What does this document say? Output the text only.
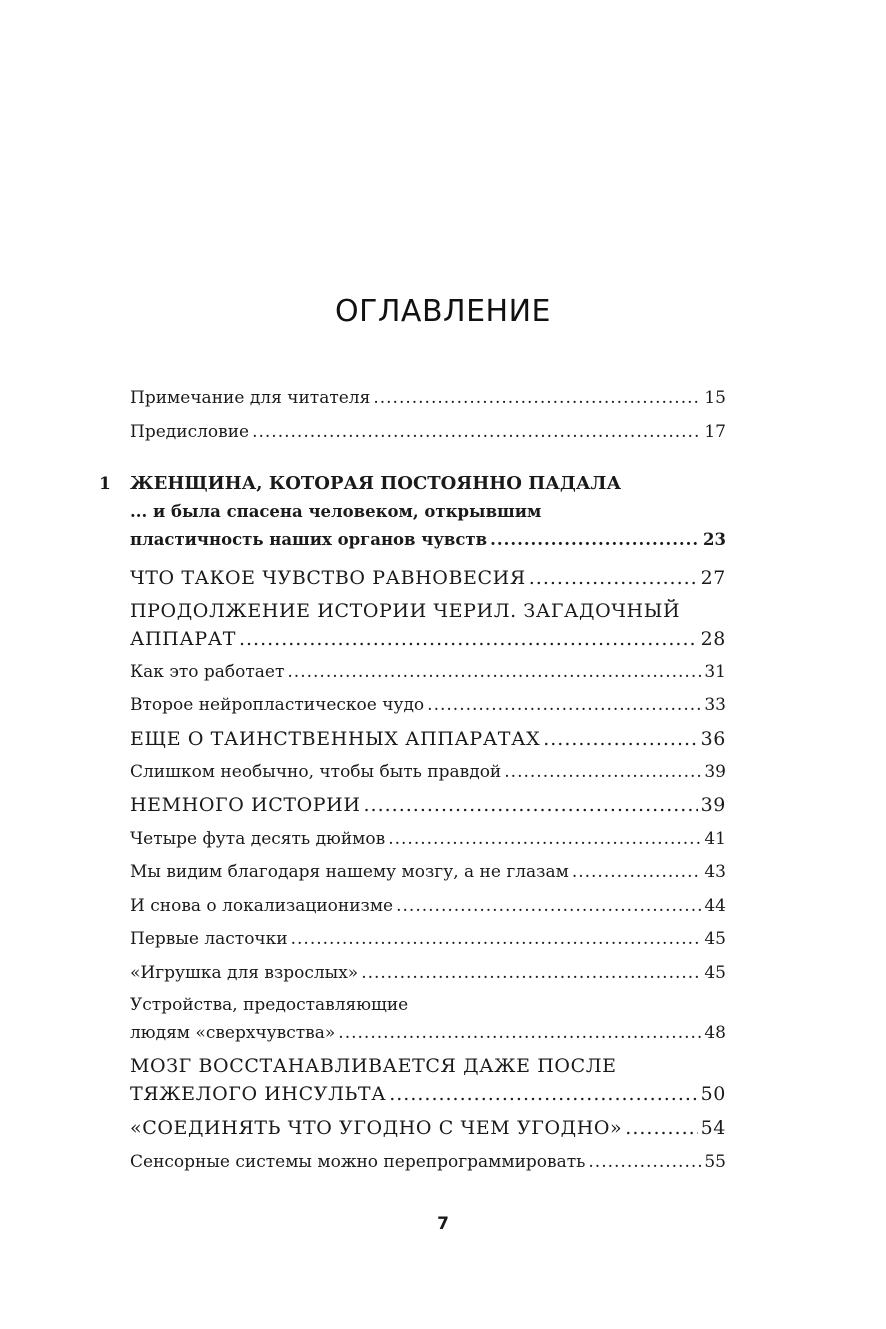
ОГЛАВЛЕНИЕ
Примечание для читателя .....	15
Предисловие .....	17
1 ЖЕНЩИНА, КОТОРАЯ ПОСТОЯННО ПАДАЛА
... и была спасена человеком, открывшим
пластичность наших органов чувств .....	23
ЧТО ТАКОЕ ЧУВСТВО РАВНОВЕСИЯ .....	27
ПРОДОЛЖЕНИЕ ИСТОРИИ ЧЕРИЛ. ЗАГАДОЧНЫЙ
АППАРАТ .....	28
Как это работает .....	31
Второе нейропластическое чудо .....	33
ЕЩЕ О ТАИНСТВЕННЫХ АППАРАТАХ .....	36
Слишком необычно, чтобы быть правдой .....	39
НЕМНОГО ИСТОРИИ .....	39
Четыре фута десять дюймов .....	41
Мы видим благодаря нашему мозгу, а не глазам .....	43
И снова о локализационизме .....	44
Первые ласточки .....	45
«Игрушка для взрослых» .....	45
Устройства, предоставляющие
людям «сверхчувства» .....	48
МОЗГ ВОССТАНАВЛИВАЕТСЯ ДАЖЕ ПОСЛЕ
ТЯЖЕЛОГО ИНСУЛЬТА .....	50
«СОЕДИНЯТЬ ЧТО УГОДНО С ЧЕМ УГОДНО» .....	54
Сенсорные системы можно перепрограммировать .....	55
7
